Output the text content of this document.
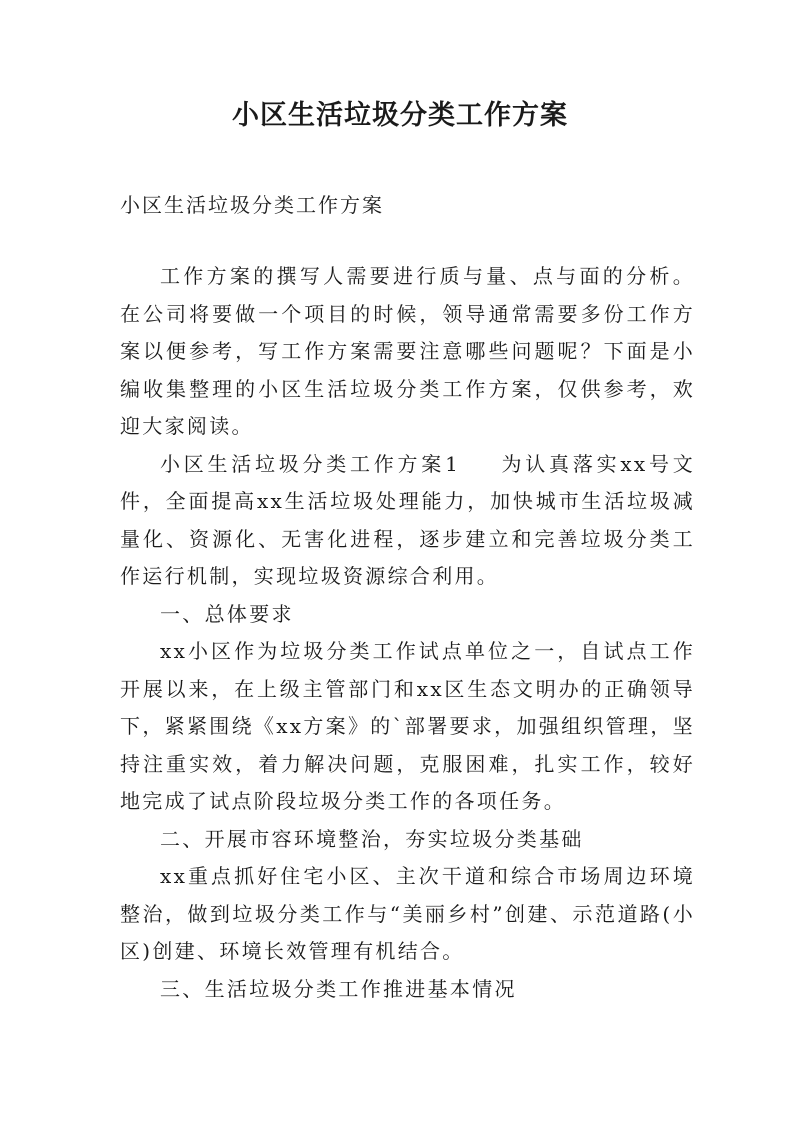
小区生活垃圾分类工作方案
小区生活垃圾分类工作方案

工作方案的撰写人需要进行质与量、点与面的分析。在公司将要做一个项目的时候，领导通常需要多份工作方案以便参考，写工作方案需要注意哪些问题呢？下面是小编收集整理的小区生活垃圾分类工作方案，仅供参考，欢迎大家阅读。

小区生活垃圾分类工作方案1 为认真落实xx号文件，全面提高xx生活垃圾处理能力，加快城市生活垃圾减量化、资源化、无害化进程，逐步建立和完善垃圾分类工作运行机制，实现垃圾资源综合利用。

一、总体要求

xx小区作为垃圾分类工作试点单位之一，自试点工作开展以来，在上级主管部门和xx区生态文明办的正确领导下，紧紧围绕《xx方案》的`部署要求，加强组织管理，坚持注重实效，着力解决问题，克服困难，扎实工作，较好地完成了试点阶段垃圾分类工作的各项任务。

二、开展市容环境整治，夯实垃圾分类基础

xx重点抓好住宅小区、主次干道和综合市场周边环境整治，做到垃圾分类工作与“美丽乡村”创建、示范道路(小区)创建、环境长效管理有机结合。

三、生活垃圾分类工作推进基本情况
